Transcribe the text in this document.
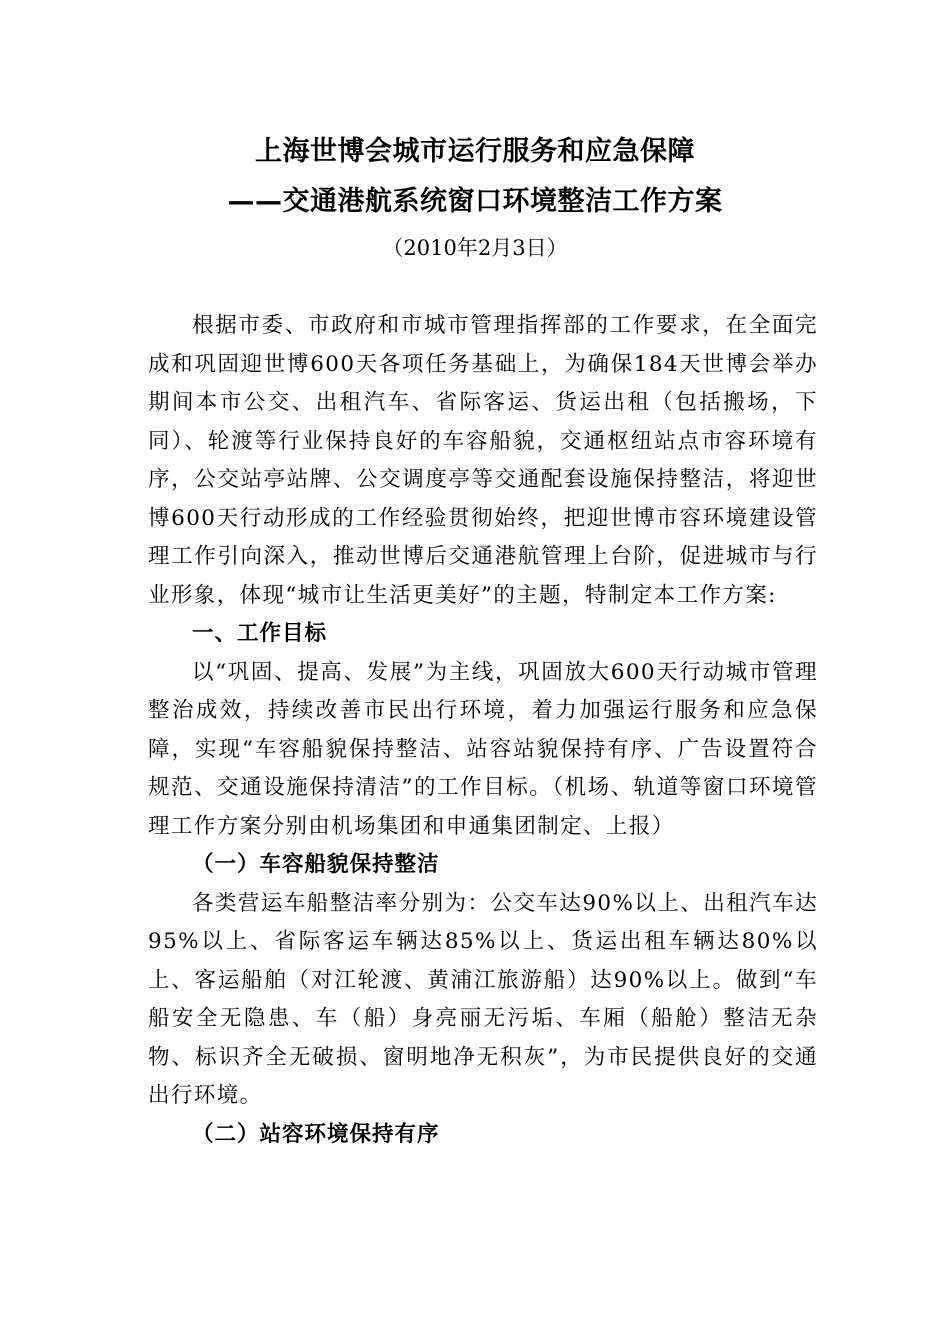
上海世博会城市运行服务和应急保障
——交通港航系统窗口环境整洁工作方案
（2010年2月3日）

根据市委、市政府和市城市管理指挥部的工作要求，在全面完成和巩固迎世博600天各项任务基础上，为确保184天世博会举办期间本市公交、出租汽车、省际客运、货运出租（包括搬场，下同）、轮渡等行业保持良好的车容船貌，交通枢纽站点市容环境有序，公交站亭站牌、公交调度亭等交通配套设施保持整洁，将迎世博600天行动形成的工作经验贯彻始终，把迎世博市容环境建设管理工作引向深入，推动世博后交通港航管理上台阶，促进城市与行业形象，体现“城市让生活更美好”的主题，特制定本工作方案:

一、工作目标

以“巩固、提高、发展”为主线，巩固放大600天行动城市管理整治成效，持续改善市民出行环境，着力加强运行服务和应急保障，实现“车容船貌保持整洁、站容站貌保持有序、广告设置符合规范、交通设施保持清洁”的工作目标。（机场、轨道等窗口环境管理工作方案分别由机场集团和申通集团制定、上报）

（一）车容船貌保持整洁

各类营运车船整洁率分别为：公交车达90%以上、出租汽车达95%以上、省际客运车辆达85%以上、货运出租车辆达80%以上、客运船舶（对江轮渡、黄浦江旅游船）达90%以上。做到“车船安全无隐患、车（船）身亮丽无污垢、车厢（船舱）整洁无杂物、标识齐全无破损、窗明地净无积灰”，为市民提供良好的交通出行环境。

（二）站容环境保持有序
